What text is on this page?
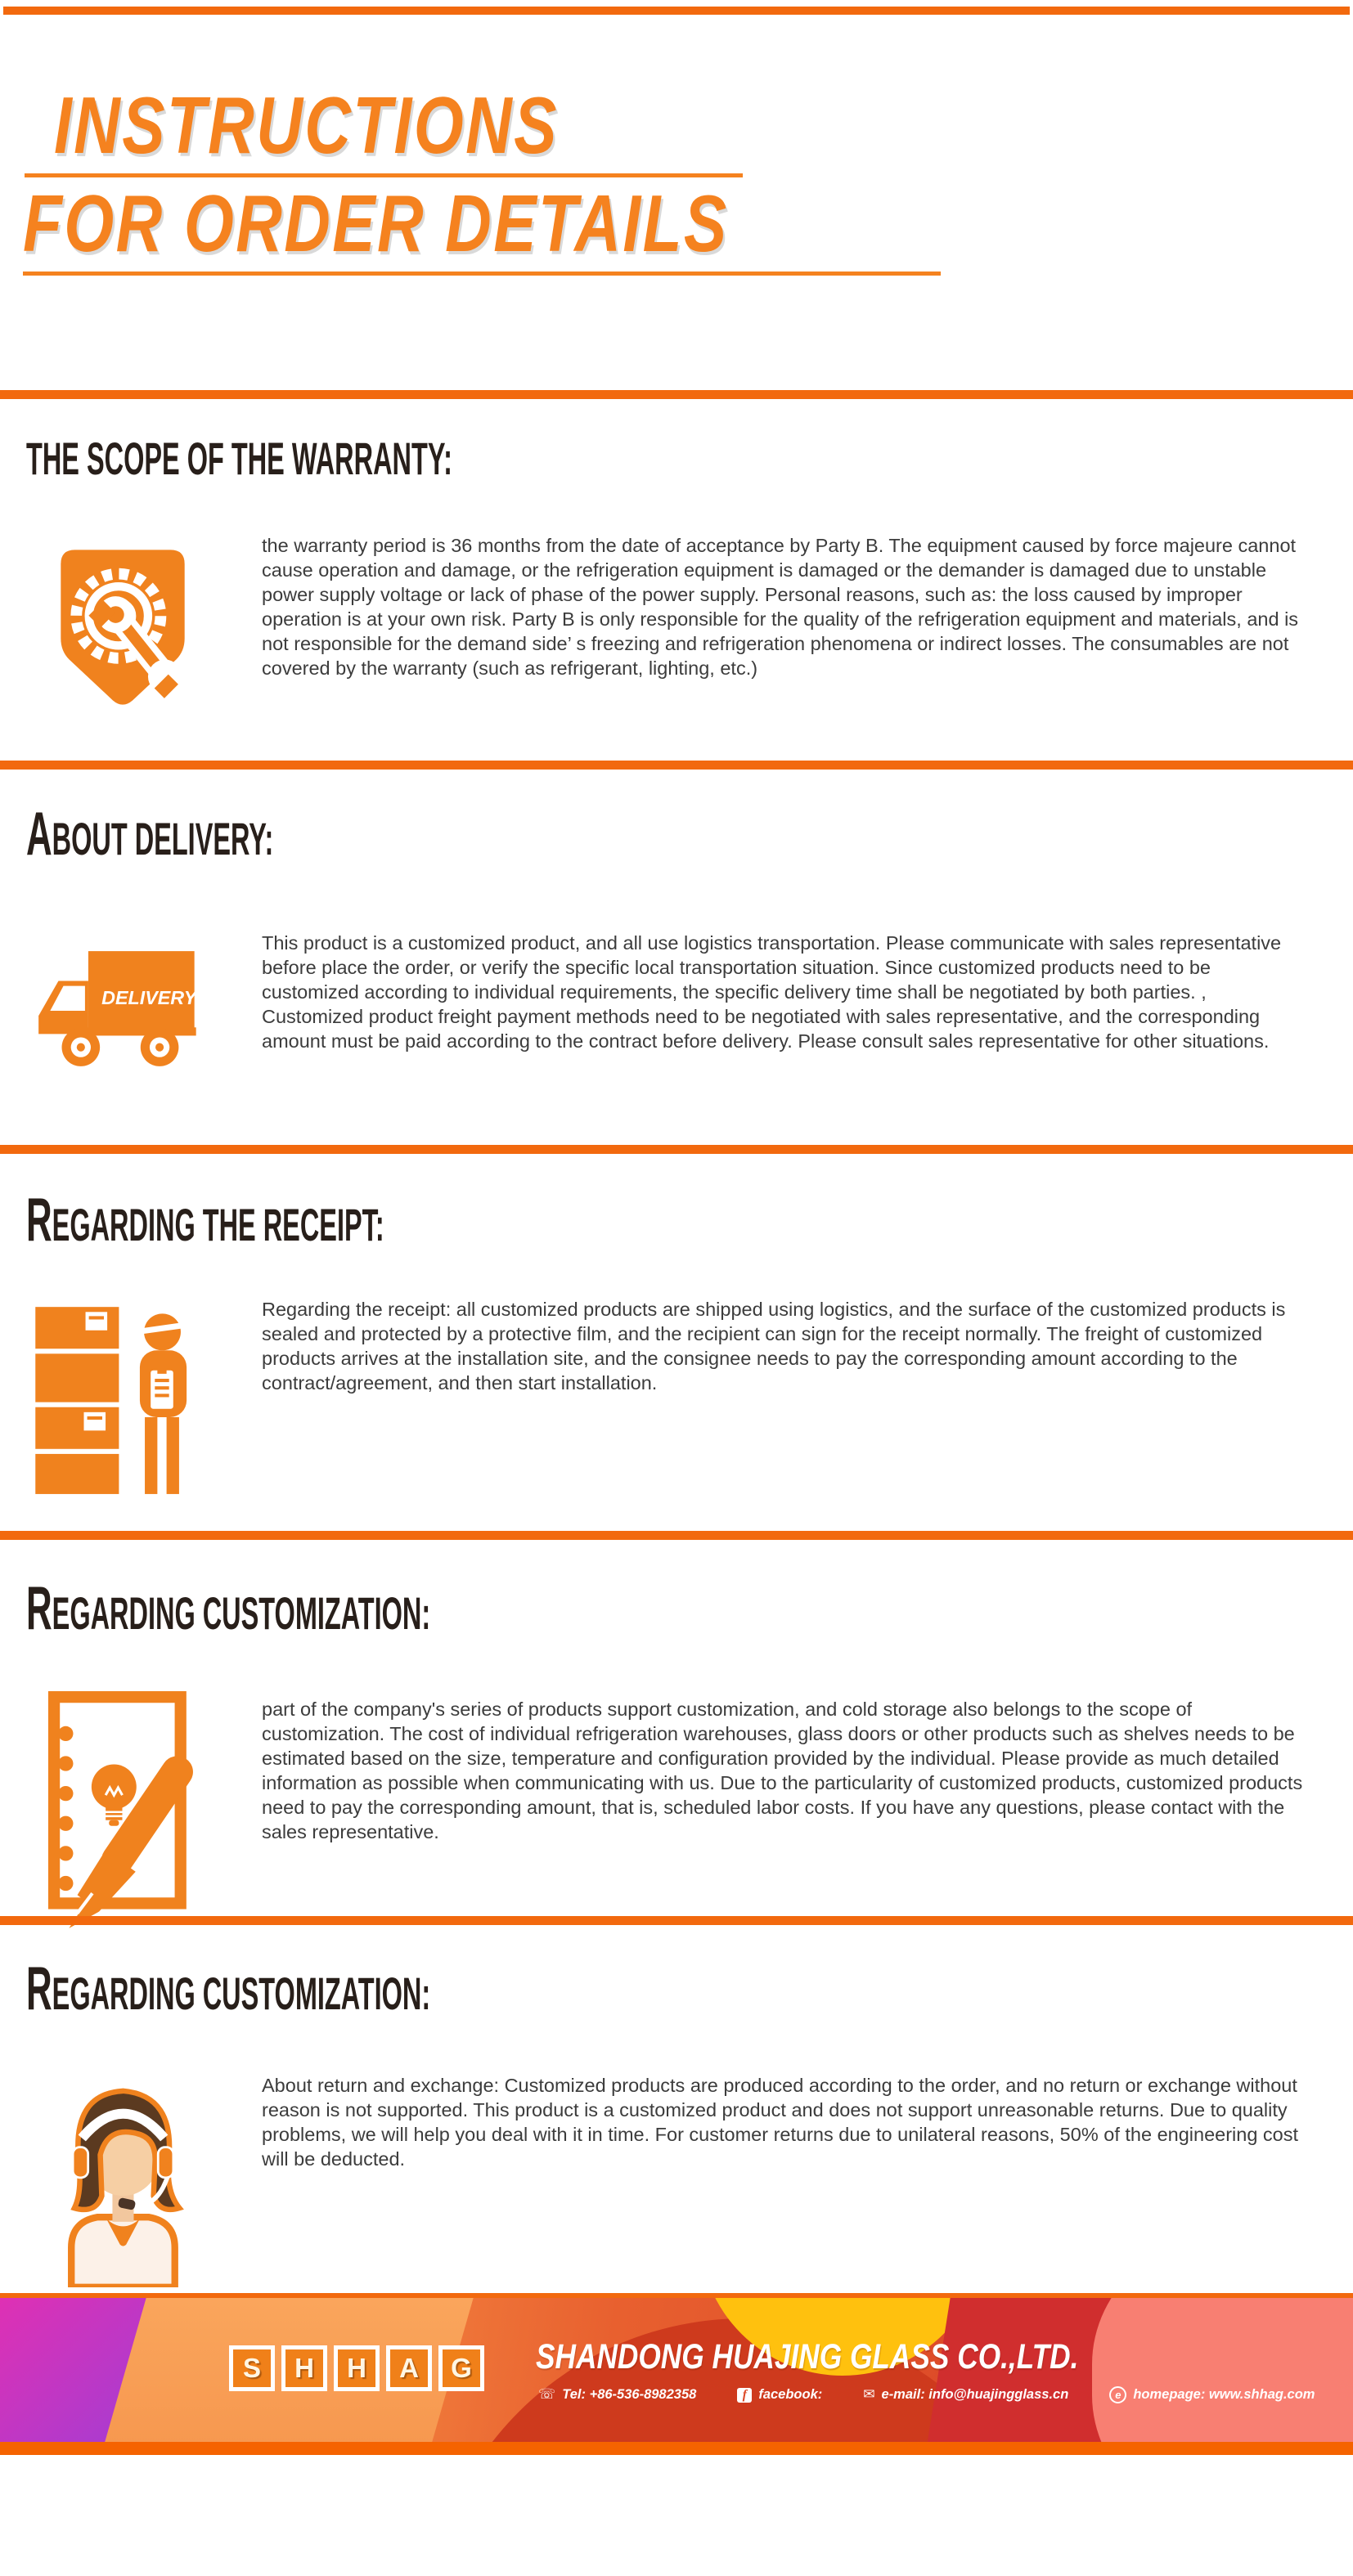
INSTRUCTIONS
FOR ORDER DETAILS
THE SCOPE OF THE WARRANTY:
the warranty period is 36 months from the date of acceptance by Party B. The equipment caused by force majeure cannot cause operation and damage, or the refrigeration equipment is damaged or the demander is damaged due to unstable power supply voltage or lack of phase of the power supply. Personal reasons, such as: the loss caused by improper operation is at your own risk. Party B is only responsible for the quality of the refrigeration equipment and materials, and is not responsible for the demand side’ s freezing and refrigeration phenomena or indirect losses. The consumables are not covered by the warranty (such as refrigerant, lighting, etc.)
ABOUT DELIVERY:
DELIVERY
This product is a customized product, and all use logistics transportation. Please communicate with sales representative before place the order, or verify the specific local transportation situation. Since customized products need to be customized according to individual requirements, the specific delivery time shall be negotiated by both parties. , Customized product freight payment methods need to be negotiated with sales representative, and the corresponding amount must be paid according to the contract before delivery. Please consult sales representative for other situations.
REGARDING THE RECEIPT:
Regarding the receipt: all customized products are shipped using logistics, and the surface of the customized products is sealed and protected by a protective film, and the recipient can sign for the receipt normally. The freight of customized products arrives at the installation site, and the consignee needs to pay the corresponding amount according to the contract/agreement, and then start installation.
REGARDING CUSTOMIZATION:
part of the company's series of products support customization, and cold storage also belongs to the scope of customization. The cost of individual refrigeration warehouses, glass doors or other products such as shelves needs to be estimated based on the size, temperature and configuration provided by the individual. Please provide as much detailed information as possible when communicating with us. Due to the particularity of customized products, customized products need to pay the corresponding amount, that is, scheduled labor costs. If you have any questions, please contact with the sales representative.
REGARDING CUSTOMIZATION:
About return and exchange: Customized products are produced according to the order, and no return or exchange without reason is not supported. This product is a customized product and does not support unreasonable returns. Due to quality problems, we will help you deal with it in time. For customer returns due to unilateral reasons, 50% of the engineering cost will be deducted.
S	H	H	A	G	SHANDONG HUAJING GLASS CO.,LTD.
☏ Tel: +86-536-8982358	f facebook:	✉ e-mail: info@huajingglass.cn	e homepage: www.shhag.com
